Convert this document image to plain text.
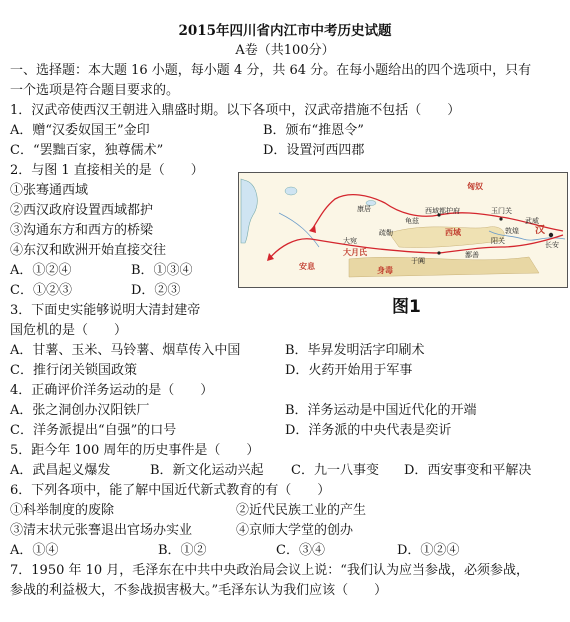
2015年四川省内江市中考历史试题
A卷（共100分）
一、选择题：本大题 16 小题，每小题 4 分，共 64 分。在每小题给出的四个选项中，只有
一个选项是符合题目要求的。
1．汉武帝使西汉王朝进入鼎盛时期。以下各项中，汉武帝措施不包括（　　）
A．赠“汉委奴国王”金印	B．颁布“推恩令”
C．“罢黜百家，独尊儒术”	D．设置河西四郡
2．与图 1 直接相关的是（　　）
①张骞通西域
②西汉政府设置西域都护
③沟通东方和西方的桥梁
④东汉和欧洲开始直接交往
A．①②④	B．①③④
C．①②③	D．②③
匈奴
康居
安息
大月氏
大宛
西域都护府	玉门关
阳关
敦煌
武威
西域
疏勒
鄯善
身毒
汉
长安
龟兹
于阗
图1
3．下面史实能够说明大清封建帝
国危机的是（　　）
A．甘薯、玉米、马铃薯、烟草传入中国	B．毕昇发明活字印刷术
C．推行闭关锁国政策	D．火药开始用于军事
4．正确评价洋务运动的是（　　）
A．张之洞创办汉阳铁厂	B．洋务运动是中国近代化的开端
C．洋务派提出“自强”的口号	D．洋务派的中央代表是奕䜣
5．距今年 100 周年的历史事件是（　　）
A．武昌起义爆发	B．新文化运动兴起 C．九一八事变 D．西安事变和平解决
6．下列各项中，能了解中国近代新式教育的有（　　）
①科举制度的废除	②近代民族工业的产生
③清末状元张謇退出官场办实业	④京师大学堂的创办
A．①④	B．①②	C．③④	D．①②④
7．1950 年 10 月，毛泽东在中共中央政治局会议上说：“我们认为应当参战，必须参战，
参战的利益极大，不参战损害极大。”毛泽东认为我们应该（　　）
